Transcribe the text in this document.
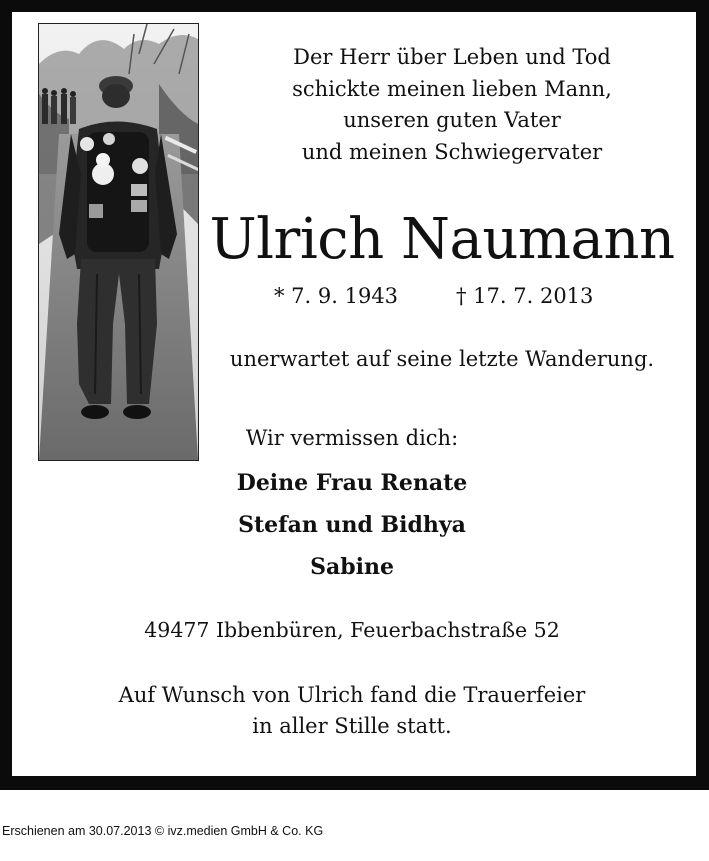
Der Herr über Leben und Tod
schickte meinen lieben Mann,
unseren guten Vater
und meinen Schwiegervater
Ulrich Naumann
* 7. 9. 1943	† 17. 7. 2013
unerwartet auf seine letzte Wanderung.
Wir vermissen dich:
Deine Frau Renate
Stefan und Bidhya
Sabine
49477 Ibbenbüren, Feuerbachstraße 52
Auf Wunsch von Ulrich fand die Trauerfeier
in aller Stille statt.
Erschienen am 30.07.2013 © ivz.medien GmbH & Co. KG
